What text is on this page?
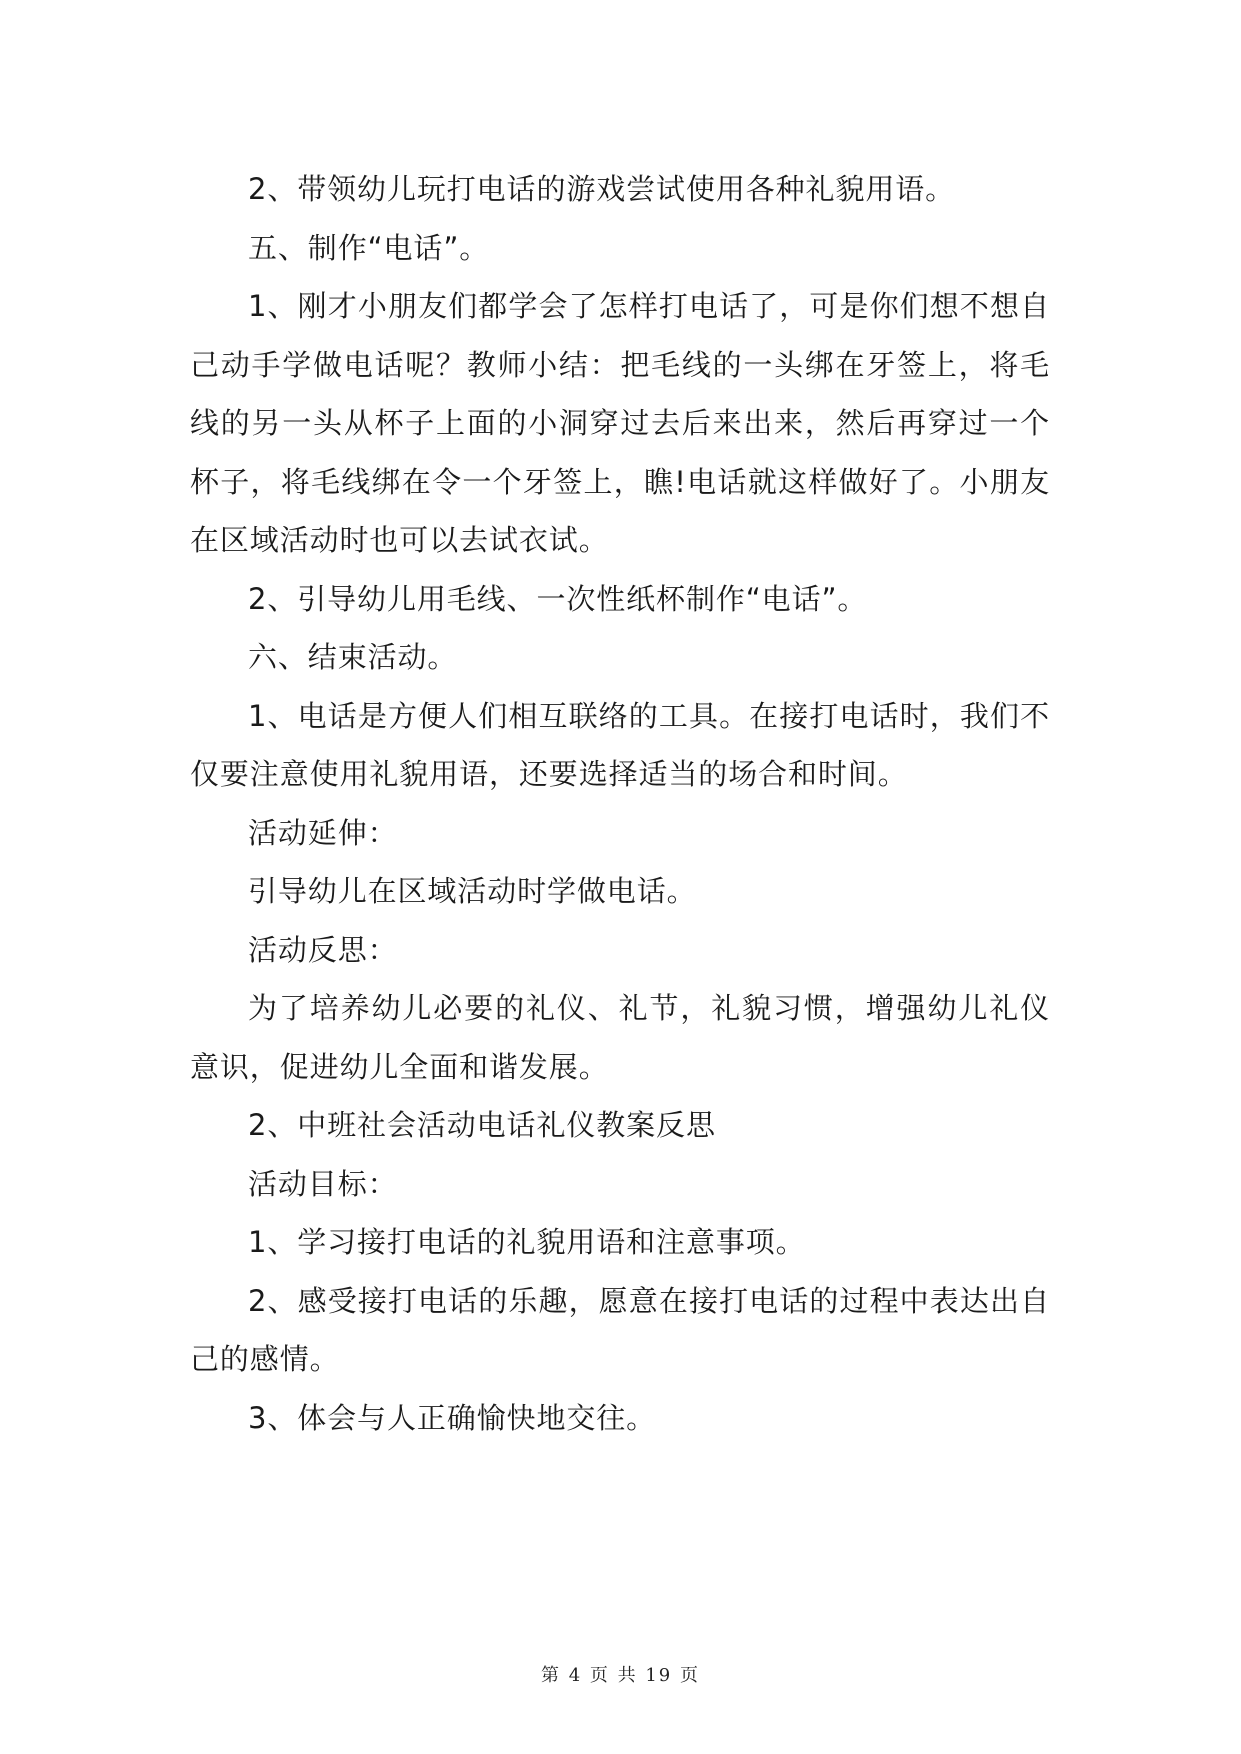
2、带领幼儿玩打电话的游戏尝试使用各种礼貌用语。

五、制作“电话”。

1、刚才小朋友们都学会了怎样打电话了，可是你们想不想自己动手学做电话呢？教师小结：把毛线的一头绑在牙签上，将毛线的另一头从杯子上面的小洞穿过去后来出来，然后再穿过一个杯子，将毛线绑在令一个牙签上，瞧!电话就这样做好了。小朋友在区域活动时也可以去试衣试。

2、引导幼儿用毛线、一次性纸杯制作“电话”。

六、结束活动。

1、电话是方便人们相互联络的工具。在接打电话时，我们不仅要注意使用礼貌用语，还要选择适当的场合和时间。

活动延伸：

引导幼儿在区域活动时学做电话。

活动反思：

为了培养幼儿必要的礼仪、礼节，礼貌习惯，增强幼儿礼仪意识，促进幼儿全面和谐发展。

2、中班社会活动电话礼仪教案反思

活动目标：

1、学习接打电话的礼貌用语和注意事项。

2、感受接打电话的乐趣，愿意在接打电话的过程中表达出自己的感情。

3、体会与人正确愉快地交往。

第 4 页 共 19 页
